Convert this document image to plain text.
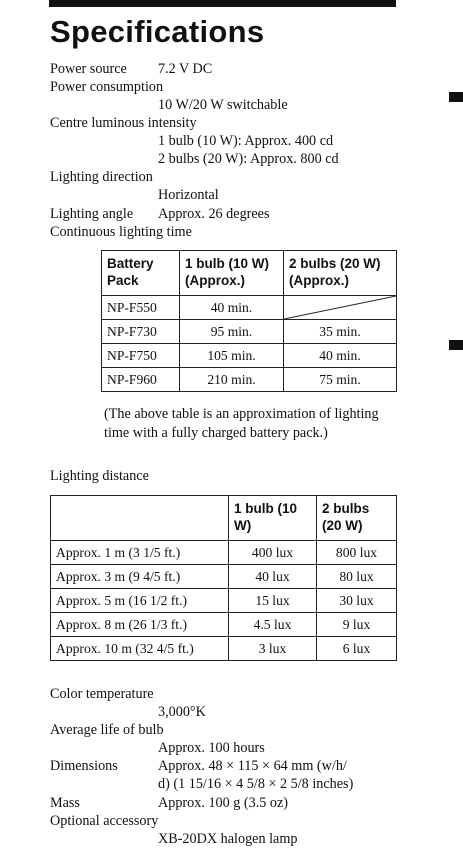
Specifications
Power source 7.2 V DC
Power consumption
10 W/20 W switchable
Centre luminous intensity
1 bulb (10 W): Approx. 400 cd
2 bulbs (20 W): Approx. 800 cd
Lighting direction
Horizontal
Lighting angle Approx. 26 degrees
Continuous lighting time
Battery Pack	1 bulb (10 W) (Approx.)	2 bulbs (20 W) (Approx.)
NP-F550	40 min.	

NP-F730	95 min.	35 min.
NP-F750	105 min.	40 min.
NP-F960	210 min.	75 min.
(The above table is an approximation of lighting time with a fully charged battery pack.)
Lighting distance
	1 bulb (10 W)	2 bulbs (20 W)
Approx. 1 m (3 1/5 ft.)	400 lux	800 lux
Approx. 3 m (9 4/5 ft.)	40 lux	80 lux
Approx. 5 m (16 1/2 ft.)	15 lux	30 lux
Approx. 8 m (26 1/3 ft.)	4.5 lux	9 lux
Approx. 10 m (32 4/5 ft.)	3 lux	6 lux
Color temperature
3,000°K
Average life of bulb
Approx. 100 hours
Dimensions	Approx. 48 × 115 × 64 mm (w/h/
d) (1 15/16 × 4 5/8 × 2 5/8 inches)
Mass	Approx. 100 g (3.5 oz)
Optional accessory
XB-20DX halogen lamp
